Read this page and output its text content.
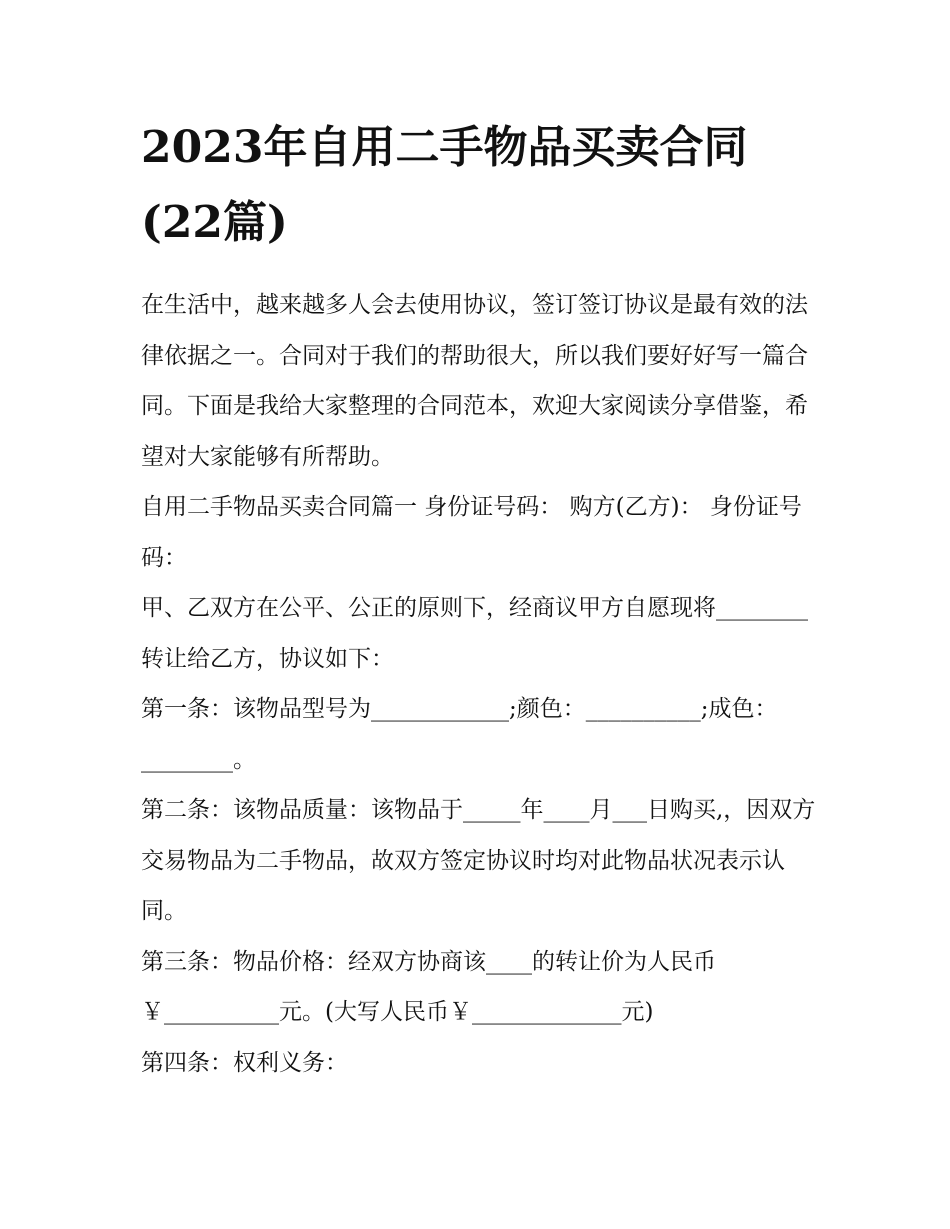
2023年自用二手物品买卖合同
(22篇)

在生活中，越来越多人会去使用协议，签订签订协议是最有效的法律依据之一。合同对于我们的帮助很大，所以我们要好好写一篇合同。下面是我给大家整理的合同范本，欢迎大家阅读分享借鉴，希望对大家能够有所帮助。

自用二手物品买卖合同篇一 身份证号码： 购方(乙方)： 身份证号码：

甲、乙双方在公平、公正的原则下，经商议甲方自愿现将________转让给乙方，协议如下：

第一条：该物品型号为____________;颜色：__________;成色：________。

第二条：该物品质量：该物品于_____年____月___日购买,，因双方交易物品为二手物品，故双方签定协议时均对此物品状况表示认同。

第三条：物品价格：经双方协商该____的转让价为人民币￥__________元。(大写人民币￥_____________元)

第四条：权利义务：
